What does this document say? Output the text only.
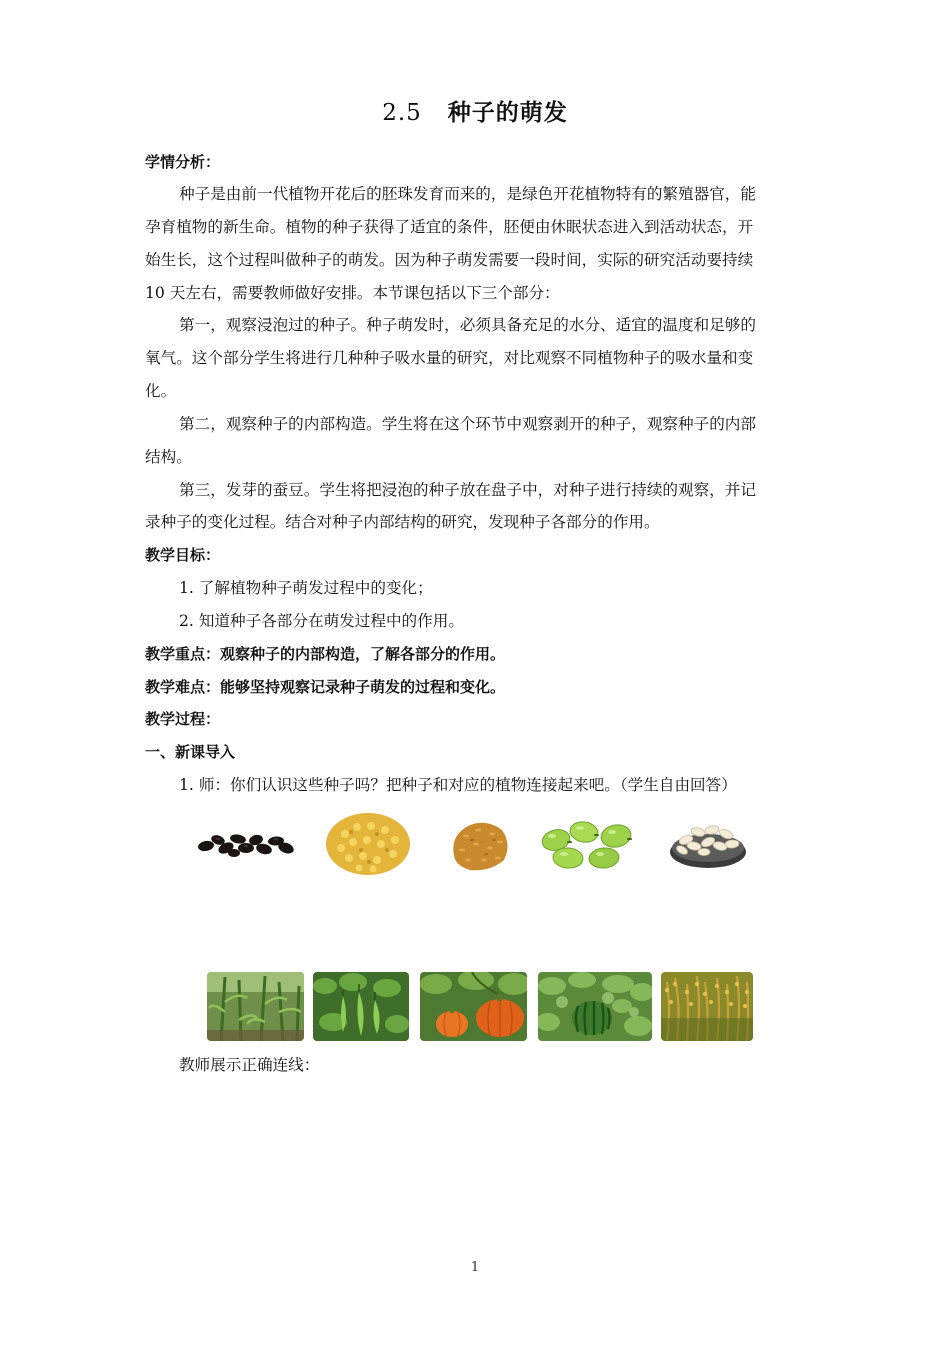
2.5 种子的萌发
学情分析：
种子是由前一代植物开花后的胚珠发育而来的，是绿色开花植物特有的繁殖器官，能
孕育植物的新生命。植物的种子获得了适宜的条件，胚便由休眠状态进入到活动状态，开
始生长，这个过程叫做种子的萌发。因为种子萌发需要一段时间，实际的研究活动要持续
10 天左右，需要教师做好安排。本节课包括以下三个部分：
第一，观察浸泡过的种子。种子萌发时，必须具备充足的水分、适宜的温度和足够的
氧气。这个部分学生将进行几种种子吸水量的研究，对比观察不同植物种子的吸水量和变
化。
第二，观察种子的内部构造。学生将在这个环节中观察剥开的种子，观察种子的内部
结构。
第三，发芽的蚕豆。学生将把浸泡的种子放在盘子中，对种子进行持续的观察，并记
录种子的变化过程。结合对种子内部结构的研究，发现种子各部分的作用。
教学目标：
1. 了解植物种子萌发过程中的变化；
2. 知道种子各部分在萌发过程中的作用。
教学重点：观察种子的内部构造，了解各部分的作用。
教学难点：能够坚持观察记录种子萌发的过程和变化。
教学过程：
一、新课导入
1. 师：你们认识这些种子吗？把种子和对应的植物连接起来吧。（学生自由回答）
教师展示正确连线：
1
